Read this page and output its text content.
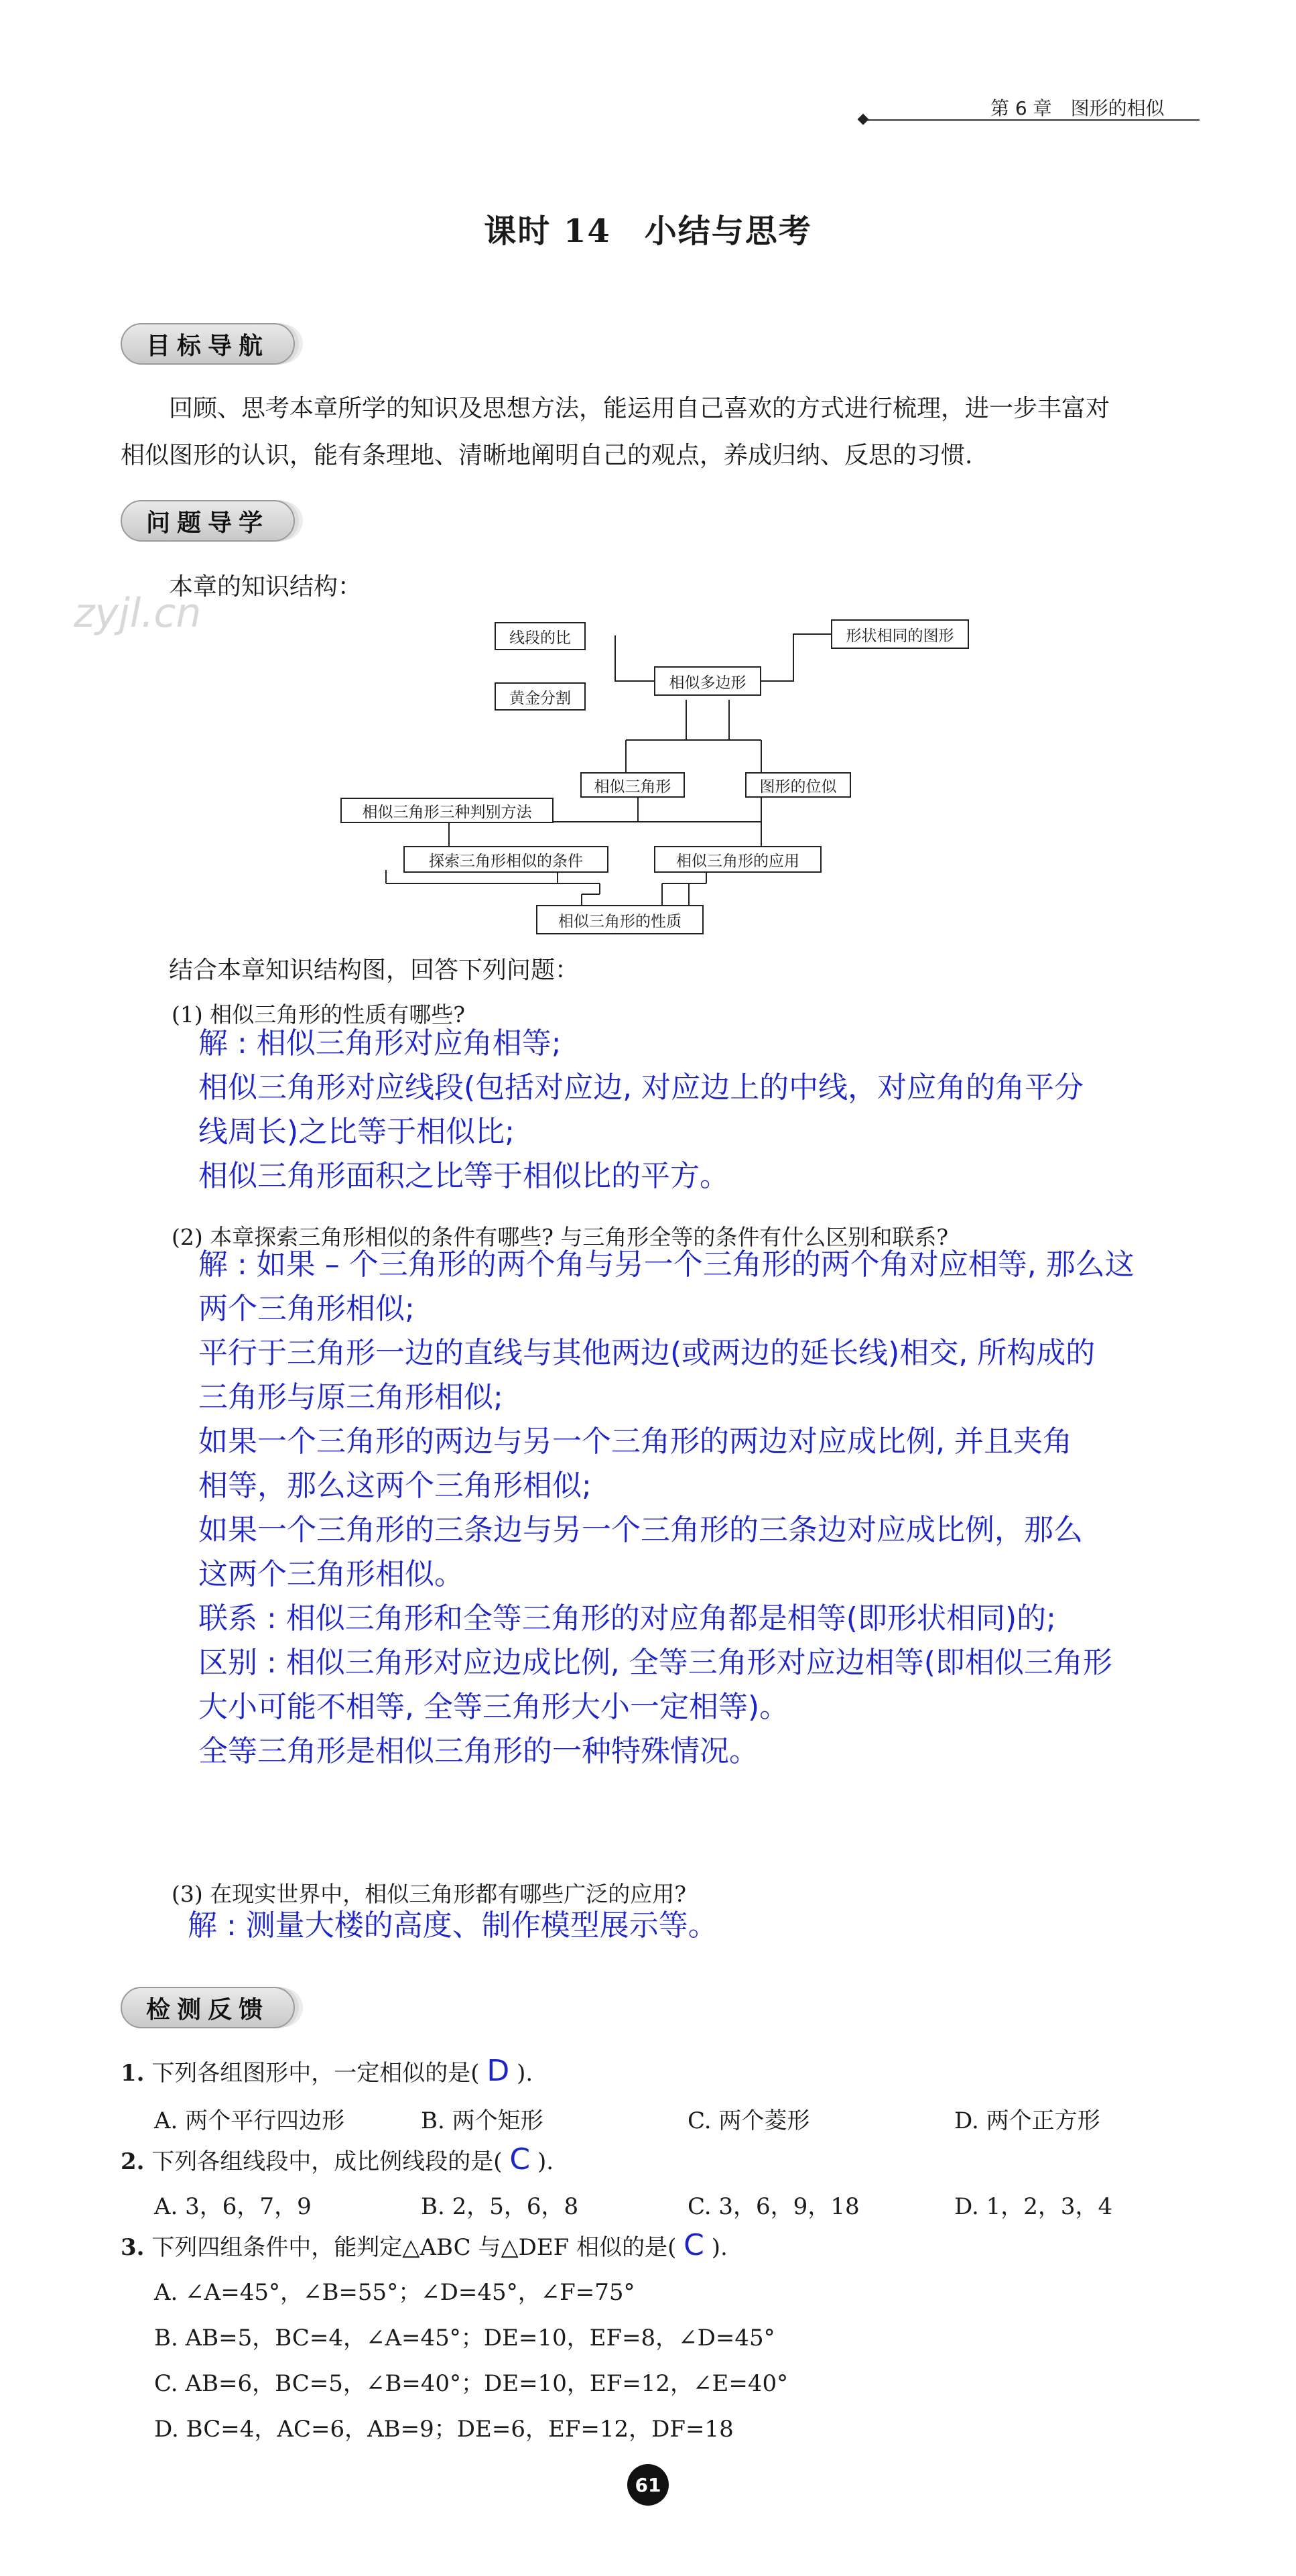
第 6 章　图形的相似
课时 14　小结与思考
目标导航
回顾、思考本章所学的知识及思想方法，能运用自己喜欢的方式进行梳理，进一步丰富对
相似图形的认识，能有条理地、清晰地阐明自己的观点，养成归纳、反思的习惯.
问题导学
本章的知识结构：
zyjl.cn
线段的比
黄金分割
相似多边形
形状相同的图形
相似三角形	图形的位似
相似三角形三种判别方法
探索三角形相似的条件	相似三角形的应用
相似三角形的性质
结合本章知识结构图，回答下列问题：
(1) 相似三角形的性质有哪些?
解 : 相似三角形对应角相等;
相似三角形对应线段(包括对应边, 对应边上的中线，对应角的角平分
线周长)之比等于相似比;
相似三角形面积之比等于相似比的平方。
(2) 本章探索三角形相似的条件有哪些? 与三角形全等的条件有什么区别和联系?
解 : 如果 – 个三角形的两个角与另一个三角形的两个角对应相等, 那么这
两个三角形相似;
平行于三角形一边的直线与其他两边(或两边的延长线)相交, 所构成的
三角形与原三角形相似;
如果一个三角形的两边与另一个三角形的两边对应成比例, 并且夹角
相等，那么这两个三角形相似;
如果一个三角形的三条边与另一个三角形的三条边对应成比例，那么
这两个三角形相似。
联系 : 相似三角形和全等三角形的对应角都是相等(即形状相同)的;
区别 : 相似三角形对应边成比例, 全等三角形对应边相等(即相似三角形
大小可能不相等, 全等三角形大小一定相等)。
全等三角形是相似三角形的一种特殊情况。
(3) 在现实世界中，相似三角形都有哪些广泛的应用?
解 : 测量大楼的高度、制作模型展示等。
检测反馈
1. 下列各组图形中，一定相似的是( D ).
A. 两个平行四边形	B. 两个矩形	C. 两个菱形	D. 两个正方形
2. 下列各组线段中，成比例线段的是( C ).
A. 3，6，7，9	B. 2，5，6，8	C. 3，6，9，18	D. 1，2，3，4
3. 下列四组条件中，能判定△ABC 与△DEF 相似的是( C ).
A. ∠A=45°，∠B=55°；∠D=45°，∠F=75°
B. AB=5，BC=4，∠A=45°；DE=10，EF=8，∠D=45°
C. AB=6，BC=5，∠B=40°；DE=10，EF=12，∠E=40°
D. BC=4，AC=6，AB=9；DE=6，EF=12，DF=18
61
